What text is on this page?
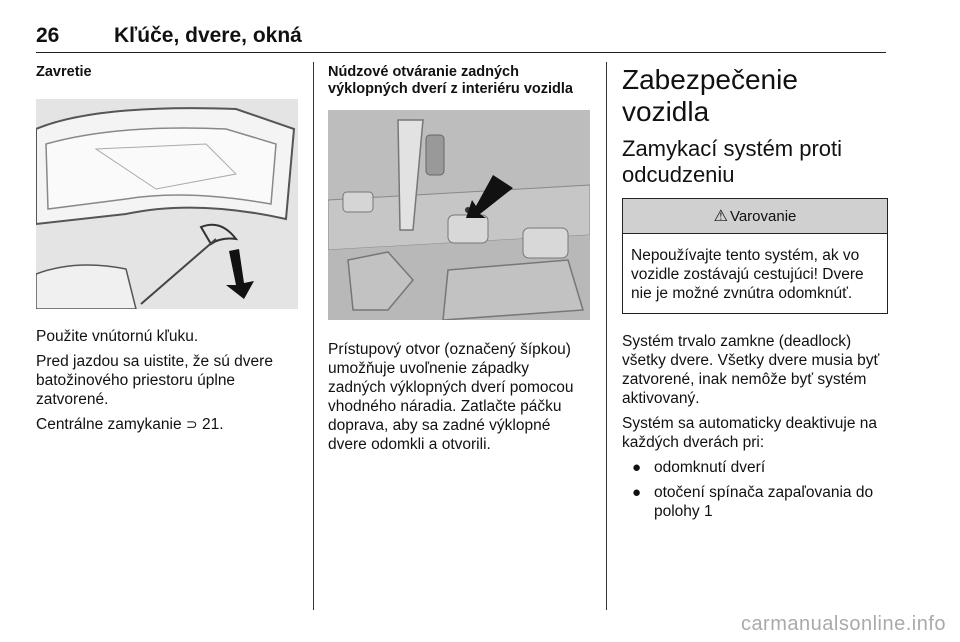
26	Kľúče, dvere, okná
Zavretie

Použite vnútornú kľuku.

Pred jazdou sa uistite, že sú dvere batožinového priestoru úplne zatvorené.

Centrálne zamykanie ⊃ 21.

Núdzové otváranie zadných výklopných dverí z interiéru vozidla

Prístupový otvor (označený šípkou) umožňuje uvoľnenie západky zadných výklopných dverí pomocou vhodného náradia. Zatlačte páčku doprava, aby sa zadné výklopné dvere odomkli a otvorili.

Zabezpečenie vozidla
Zamykací systém proti odcudzeniu
⚠ Varovanie

Nepoužívajte tento systém, ak vo vozidle zostávajú cestujúci! Dvere nie je možné zvnútra odomknúť.

Systém trvalo zamkne (deadlock) všetky dvere. Všetky dvere musia byť zatvorené, inak nemôže byť systém aktivovaný.

Systém sa automaticky deaktivuje na každých dverách pri:

● odomknutí dverí
● otočení spínača zapaľovania do polohy 1
carmanualsonline.info
